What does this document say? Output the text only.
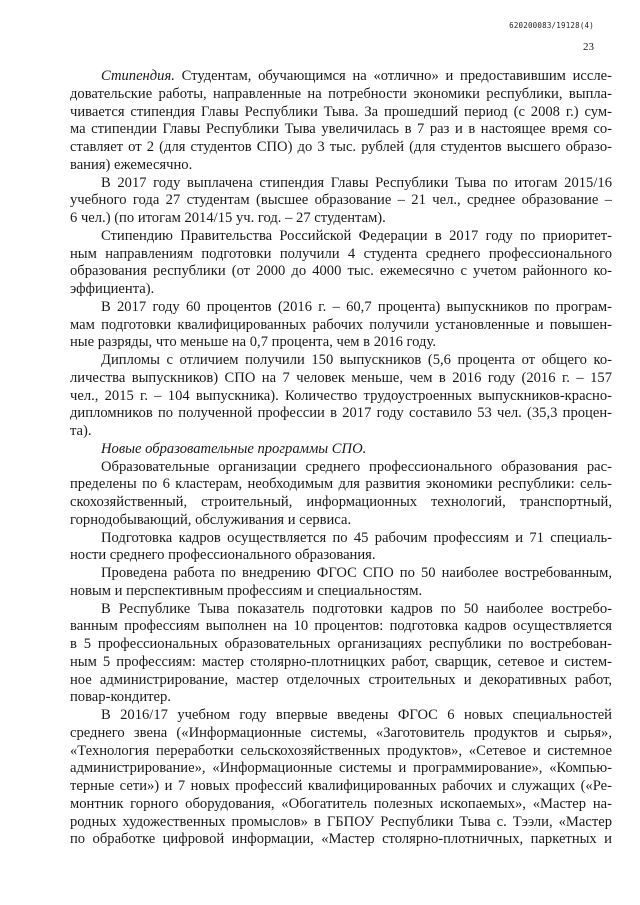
620200083/19128(4)
23
Стипендия. Студентам, обучающимся на «отлично» и предоставившим иссле-
довательские работы, направленные на потребности экономики республики, выпла-
чивается стипендия Главы Республики Тыва. За прошедший период (с 2008 г.) сум-
ма стипендии Главы Республики Тыва увеличилась в 7 раз и в настоящее время со-
ставляет от 2 (для студентов СПО) до 3 тыс. рублей (для студентов высшего образо-
вания) ежемесячно.
В 2017 году выплачена стипендия Главы Республики Тыва по итогам 2015/16
учебного года 27 студентам (высшее образование – 21 чел., среднее образование –
6 чел.) (по итогам 2014/15 уч. год. – 27 студентам).
Стипендию Правительства Российской Федерации в 2017 году по приоритет-
ным направлениям подготовки получили 4 студента среднего профессионального
образования республики (от 2000 до 4000 тыс. ежемесячно с учетом районного ко-
эффициента).
В 2017 году 60 процентов (2016 г. – 60,7 процента) выпускников по програм-
мам подготовки квалифицированных рабочих получили установленные и повышен-
ные разряды, что меньше на 0,7 процента, чем в 2016 году.
Дипломы с отличием получили 150 выпускников (5,6 процента от общего ко-
личества выпускников) СПО на 7 человек меньше, чем в 2016 году (2016 г. – 157
чел., 2015 г. – 104 выпускника). Количество трудоустроенных выпускников-красно-
дипломников по полученной профессии в 2017 году составило 53 чел. (35,3 процен-
та).
Новые образовательные программы СПО.
Образовательные организации среднего профессионального образования рас-
пределены по 6 кластерам, необходимым для развития экономики республики: сель-
скохозяйственный, строительный, информационных технологий, транспортный,
горнодобывающий, обслуживания и сервиса.
Подготовка кадров осуществляется по 45 рабочим профессиям и 71 специаль-
ности среднего профессионального образования.
Проведена работа по внедрению ФГОС СПО по 50 наиболее востребованным,
новым и перспективным профессиям и специальностям.
В Республике Тыва показатель подготовки кадров по 50 наиболее востребо-
ванным профессиям выполнен на 10 процентов: подготовка кадров осуществляется
в 5 профессиональных образовательных организациях республики по востребован-
ным 5 профессиям: мастер столярно-плотницких работ, сварщик, сетевое и систем-
ное администрирование, мастер отделочных строительных и декоративных работ,
повар-кондитер.
В 2016/17 учебном году впервые введены ФГОС 6 новых специальностей
среднего звена («Информационные системы, «Заготовитель продуктов и сырья»,
«Технология переработки сельскохозяйственных продуктов», «Сетевое и системное
администрирование», «Информационные системы и программирование», «Компью-
терные сети») и 7 новых профессий квалифицированных рабочих и служащих («Ре-
монтник горного оборудования, «Обогатитель полезных ископаемых», «Мастер на-
родных художественных промыслов» в ГБПОУ Республики Тыва с. Тээли, «Мастер
по обработке цифровой информации, «Мастер столярно-плотничных, паркетных и
